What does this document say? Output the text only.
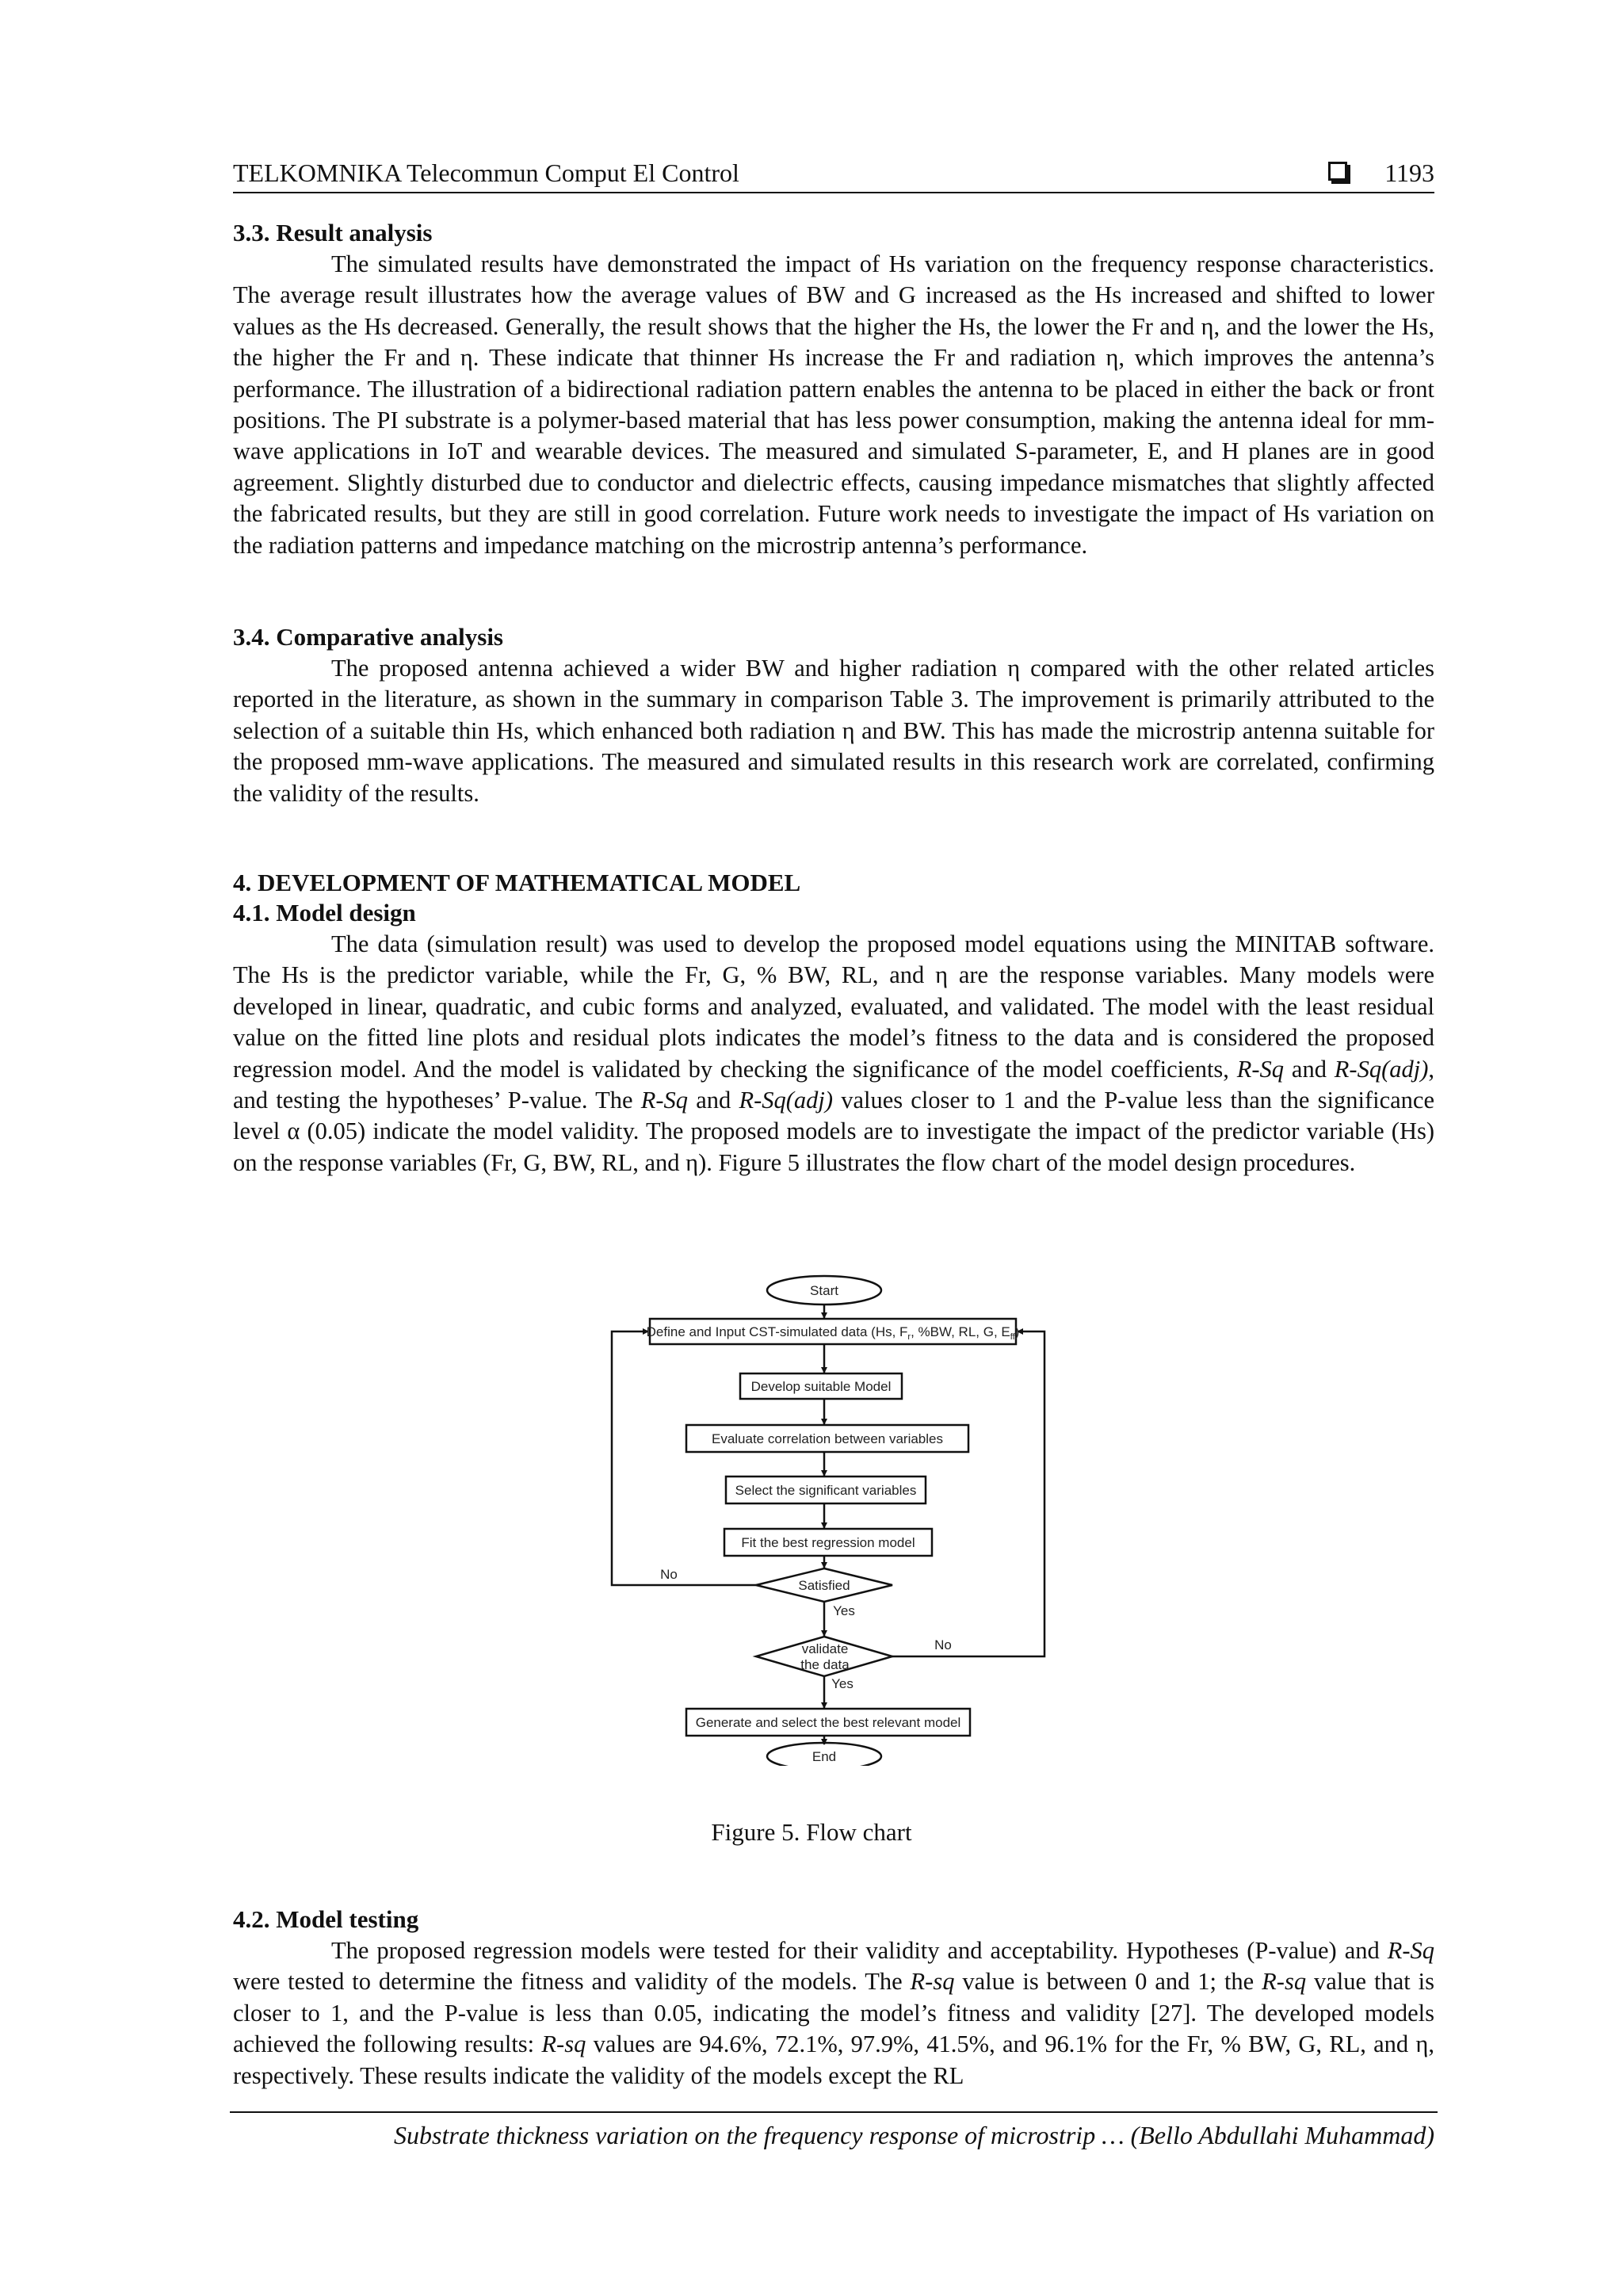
TELKOMNIKA Telecommun Comput El Control	1193
3.3. Result analysis

The simulated results have demonstrated the impact of Hs variation on the frequency response characteristics. The average result illustrates how the average values of BW and G increased as the Hs increased and shifted to lower values as the Hs decreased. Generally, the result shows that the higher the Hs, the lower the Fr and η, and the lower the Hs, the higher the Fr and η. These indicate that thinner Hs increase the Fr and radiation η, which improves the antenna’s performance. The illustration of a bidirectional radiation pattern enables the antenna to be placed in either the back or front positions. The PI substrate is a polymer-based material that has less power consumption, making the antenna ideal for mm-wave applications in IoT and wearable devices. The measured and simulated S-parameter, E, and H planes are in good agreement. Slightly disturbed due to conductor and dielectric effects, causing impedance mismatches that slightly affected the fabricated results, but they are still in good correlation. Future work needs to investigate the impact of Hs variation on the radiation patterns and impedance matching on the microstrip antenna’s performance.

3.4. Comparative analysis

The proposed antenna achieved a wider BW and higher radiation η compared with the other related articles reported in the literature, as shown in the summary in comparison Table 3. The improvement is primarily attributed to the selection of a suitable thin Hs, which enhanced both radiation η and BW. This has made the microstrip antenna suitable for the proposed mm-wave applications. The measured and simulated results in this research work are correlated, confirming the validity of the results.

4. DEVELOPMENT OF MATHEMATICAL MODEL
4.1. Model design

The data (simulation result) was used to develop the proposed model equations using the MINITAB software. The Hs is the predictor variable, while the Fr, G, % BW, RL, and η are the response variables. Many models were developed in linear, quadratic, and cubic forms and analyzed, evaluated, and validated. The model with the least residual value on the fitted line plots and residual plots indicates the model’s fitness to the data and is considered the proposed regression model. And the model is validated by checking the significance of the model coefficients, R-Sq and R-Sq(adj), and testing the hypotheses’ P-value. The R-Sq and R-Sq(adj) values closer to 1 and the P-value less than the significance level α (0.05) indicate the model validity. The proposed models are to investigate the impact of the predictor variable (Hs) on the response variables (Fr, G, BW, RL, and η). Figure 5 illustrates the flow chart of the model design procedures.

Start
Define and Input CST-simulated data (Hs, $F_r$, %BW, RL, G, $E_{ff}$)
Develop suitable Model
Evaluate correlation between variables
Select the significant variables
Fit the best regression model
Satisfied
validate
the data
Generate and select the best relevant model
End
No
No
Yes
Yes
Figure 5. Flow chart
4.2. Model testing

The proposed regression models were tested for their validity and acceptability. Hypotheses (P-value) and R-Sq were tested to determine the fitness and validity of the models. The R-sq value is between 0 and 1; the R-sq value that is closer to 1, and the P-value is less than 0.05, indicating the model’s fitness and validity [27]. The developed models achieved the following results: R-sq values are 94.6%, 72.1%, 97.9%, 41.5%, and 96.1% for the Fr, % BW, G, RL, and η, respectively. These results indicate the validity of the models except the RL

Substrate thickness variation on the frequency response of microstrip … (Bello Abdullahi Muhammad)
